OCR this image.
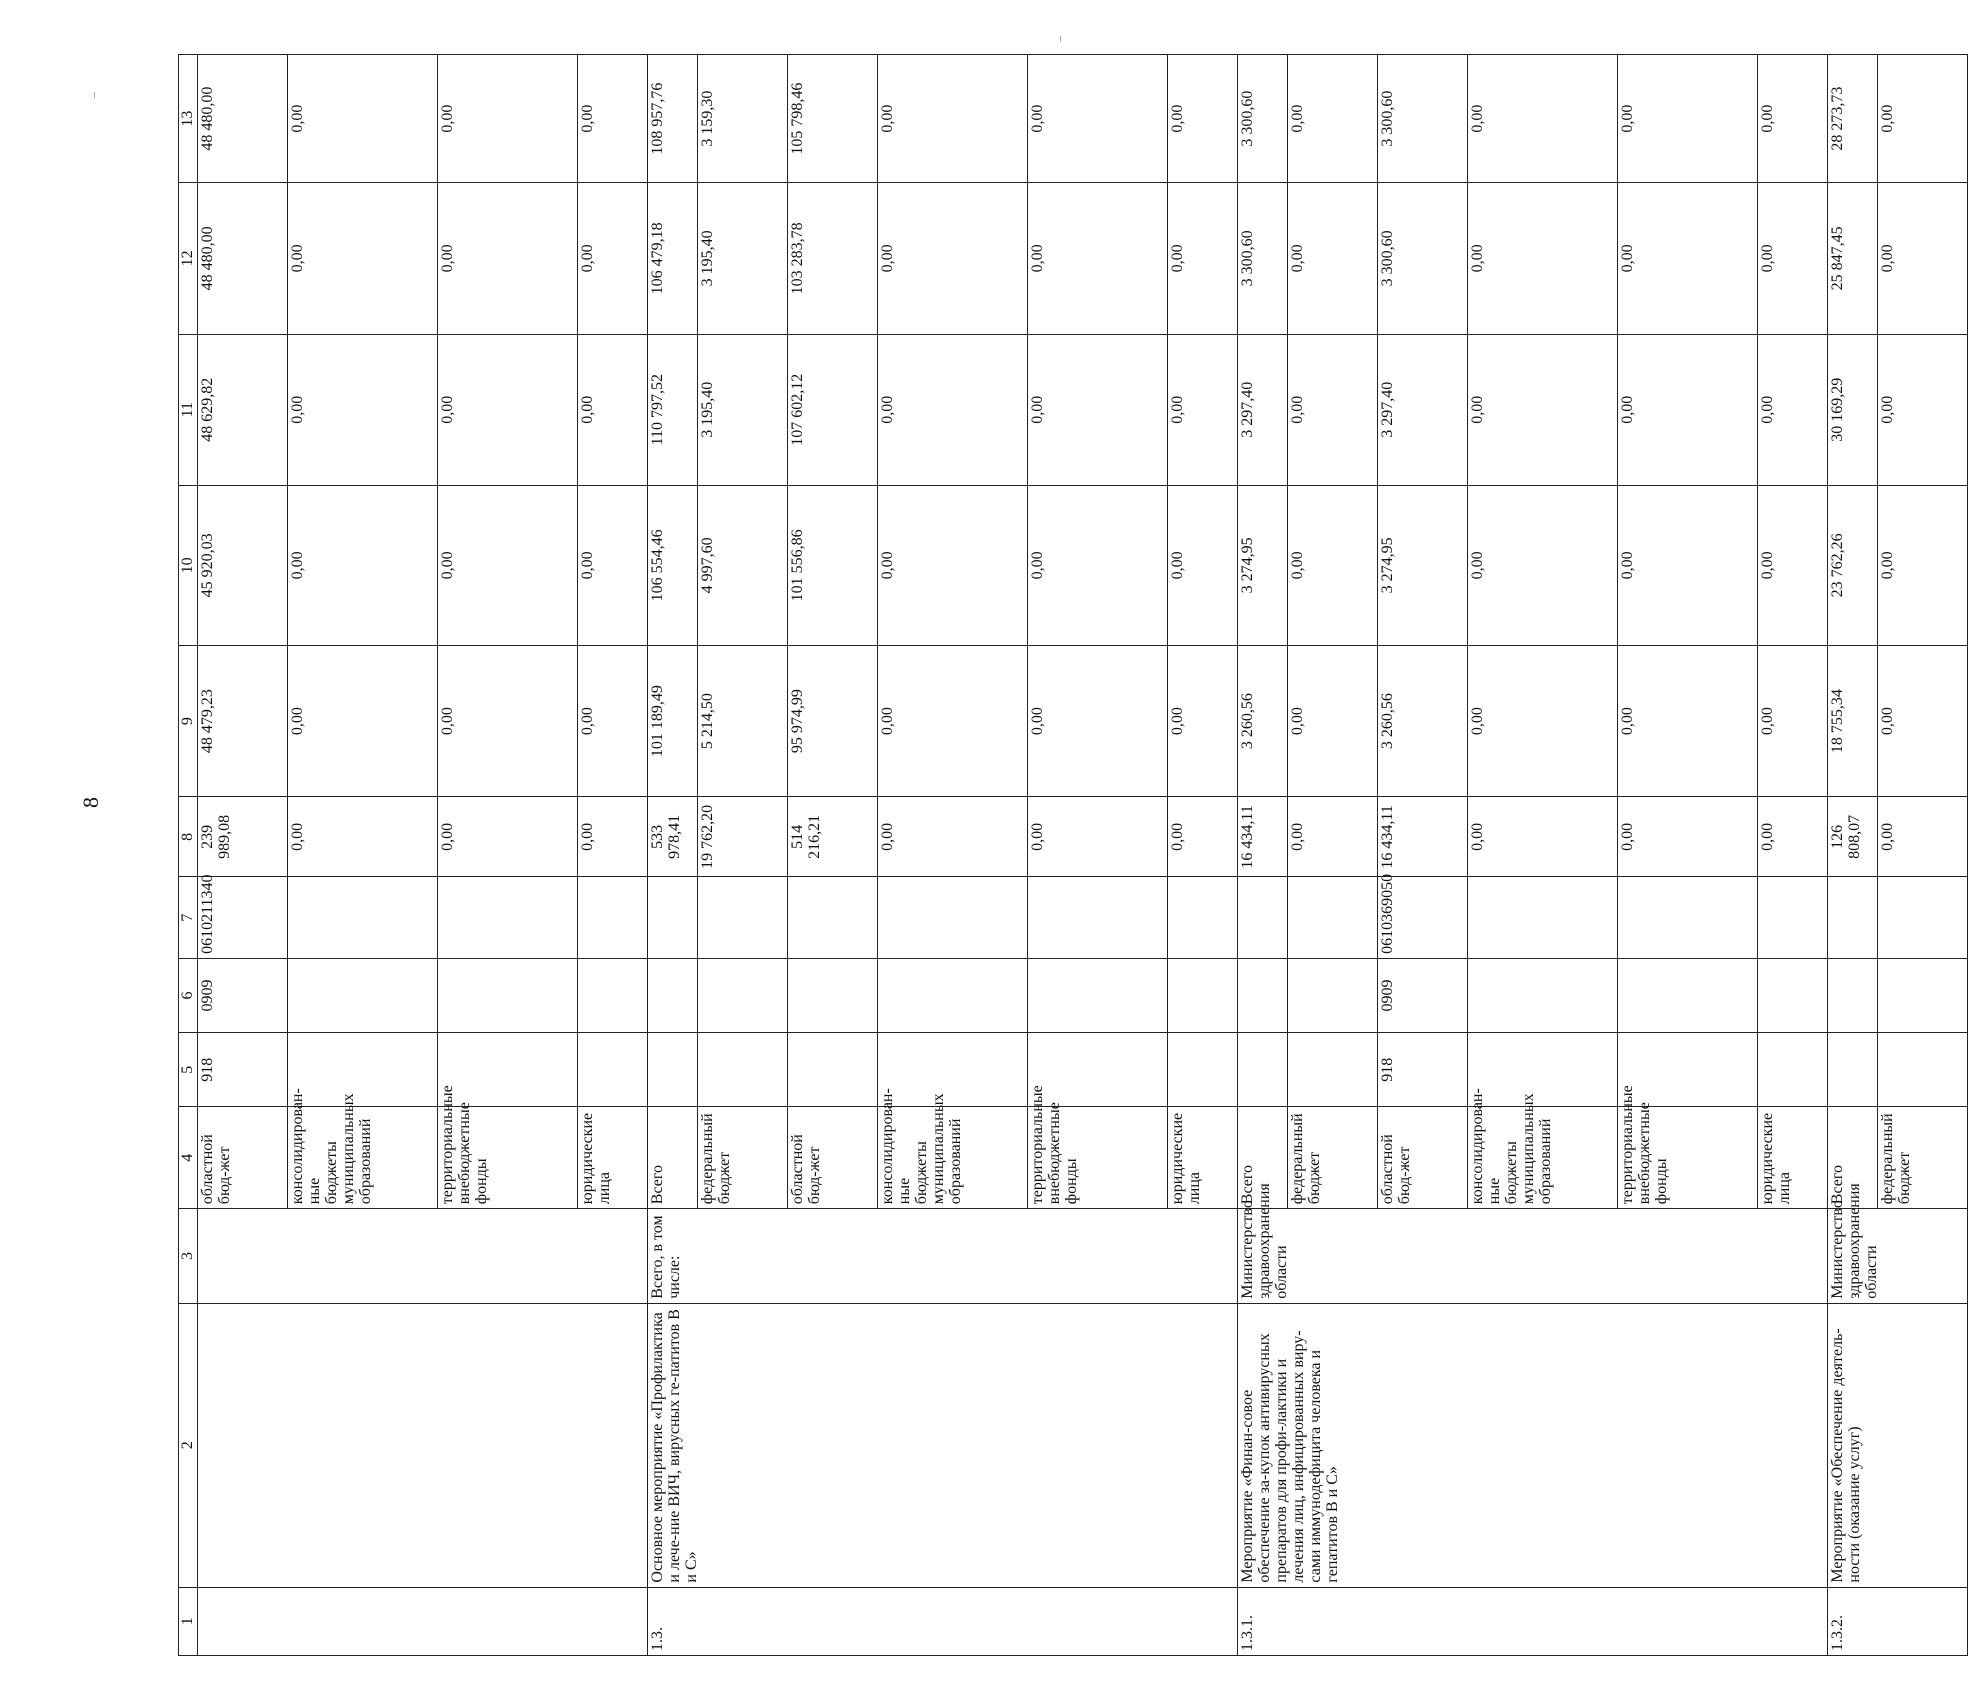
8
1	2	3	4	5	6	7	8	9	10	11	12	13
			областной бюд-жет	918	0909	0610211340	239 989,08	48 479,23	45 920,03	48 629,82	48 480,00	48 480,00
			консолидирован-ные бюджеты муниципальных образований				0,00	0,00	0,00	0,00	0,00	0,00
			территориальные внебюджетные фонды				0,00	0,00	0,00	0,00	0,00	0,00
			юридические лица				0,00	0,00	0,00	0,00	0,00	0,00
1.3.	Основное мероприятие «Профилактика и лече-ние ВИЧ, вирусных ге-патитов В и С»	Всего, в том числе:	Всего				533 978,41	101 189,49	106 554,46	110 797,52	106 479,18	108 957,76
			федеральный бюджет				19 762,20	5 214,50	4 997,60	3 195,40	3 195,40	3 159,30
			областной бюд-жет				514 216,21	95 974,99	101 556,86	107 602,12	103 283,78	105 798,46
			консолидирован-ные бюджеты муниципальных образований				0,00	0,00	0,00	0,00	0,00	0,00
			территориальные внебюджетные фонды				0,00	0,00	0,00	0,00	0,00	0,00
			юридические лица				0,00	0,00	0,00	0,00	0,00	0,00
1.3.1.	Мероприятие «Финан-совое обеспечение за-купок антивирусных препаратов для профи-лактики и лечения лиц, инфицированных виру-сами иммунодефицита человека и гепатитов В и С»	Министерство здравоохранения области	Всего				16 434,11	3 260,56	3 274,95	3 297,40	3 300,60	3 300,60
			федеральный бюджет				0,00	0,00	0,00	0,00	0,00	0,00
			областной бюд-жет	918	0909	0610369050	16 434,11	3 260,56	3 274,95	3 297,40	3 300,60	3 300,60
			консолидирован-ные бюджеты муниципальных образований				0,00	0,00	0,00	0,00	0,00	0,00
			территориальные внебюджетные фонды				0,00	0,00	0,00	0,00	0,00	0,00
			юридические лица				0,00	0,00	0,00	0,00	0,00	0,00
1.3.2.	Мероприятие «Обеспечение деятель-ности (оказание услуг)	Министерство здравоохранения области	Всего				126 808,07	18 755,34	23 762,26	30 169,29	25 847,45	28 273,73
			федеральный бюджет				0,00	0,00	0,00	0,00	0,00	0,00
